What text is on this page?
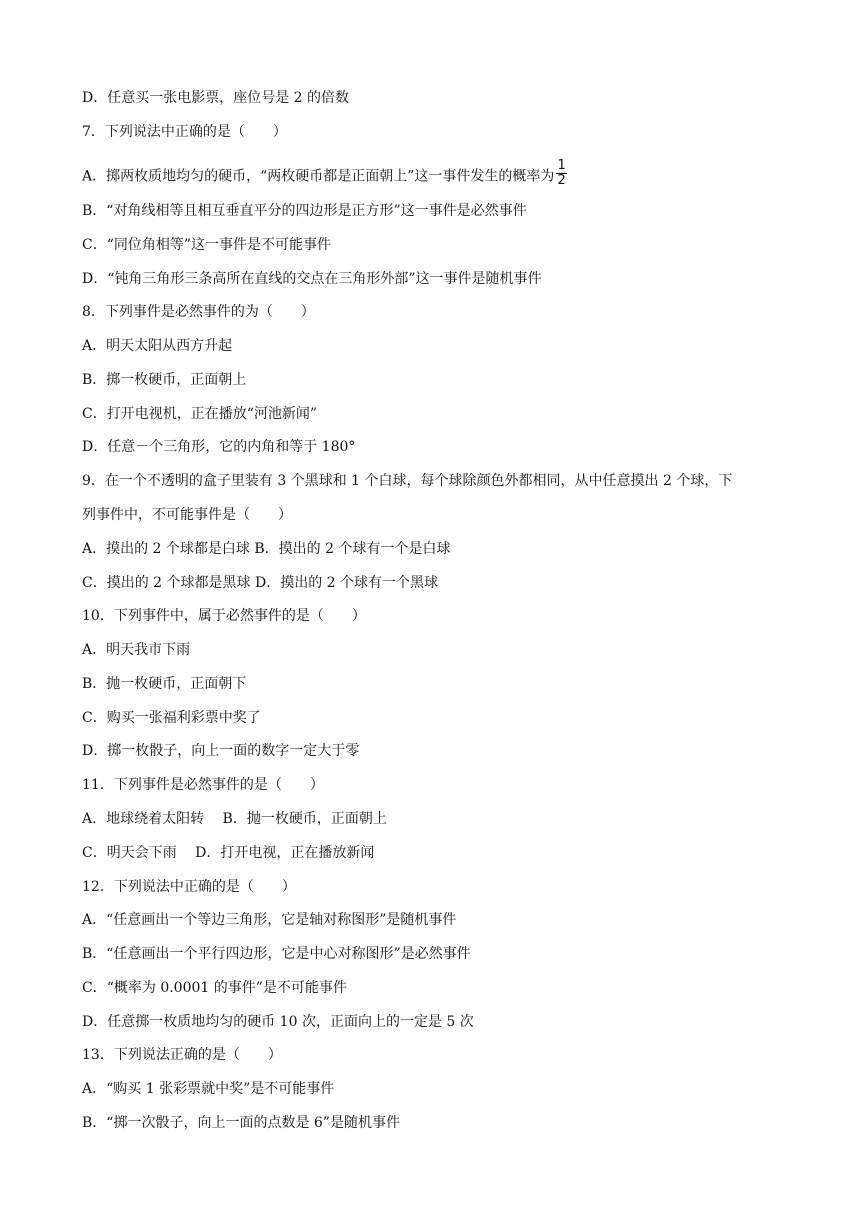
D．任意买一张电影票，座位号是 2 的倍数
7．下列说法中正确的是（　　）
A．掷两枚质地均匀的硬币，“两枚硬币都是正面朝上”这一事件发生的概率为 $\frac{1}{2}$
B．“对角线相等且相互垂直平分的四边形是正方形”这一事件是必然事件
C．“同位角相等”这一事件是不可能事件
D．“钝角三角形三条高所在直线的交点在三角形外部”这一事件是随机事件
8．下列事件是必然事件的为（　　）
A．明天太阳从西方升起
B．掷一枚硬币，正面朝上
C．打开电视机，正在播放“河池新闻”
D．任意－个三角形，它的内角和等于 180°
9．在一个不透明的盒子里装有 3 个黑球和 1 个白球，每个球除颜色外都相同，从中任意摸出 2 个球，下
列事件中，不可能事件是（　　）
A．摸出的 2 个球都是白球 B．摸出的 2 个球有一个是白球
C．摸出的 2 个球都是黑球 D．摸出的 2 个球有一个黑球
10．下列事件中，属于必然事件的是（　　）
A．明天我市下雨
B．抛一枚硬币，正面朝下
C．购买一张福利彩票中奖了
D．掷一枚骰子，向上一面的数字一定大于零
11．下列事件是必然事件的是（　　）
A．地球绕着太阳转　 B．抛一枚硬币，正面朝上
C．明天会下雨　 D．打开电视，正在播放新闻
12．下列说法中正确的是（　　）
A．“任意画出一个等边三角形，它是轴对称图形”是随机事件
B．“任意画出一个平行四边形，它是中心对称图形”是必然事件
C．“概率为 0.0001 的事件”是不可能事件
D．任意掷一枚质地均匀的硬币 10 次，正面向上的一定是 5 次
13．下列说法正确的是（　　）
A．“购买 1 张彩票就中奖”是不可能事件
B．“掷一次骰子，向上一面的点数是 6”是随机事件
